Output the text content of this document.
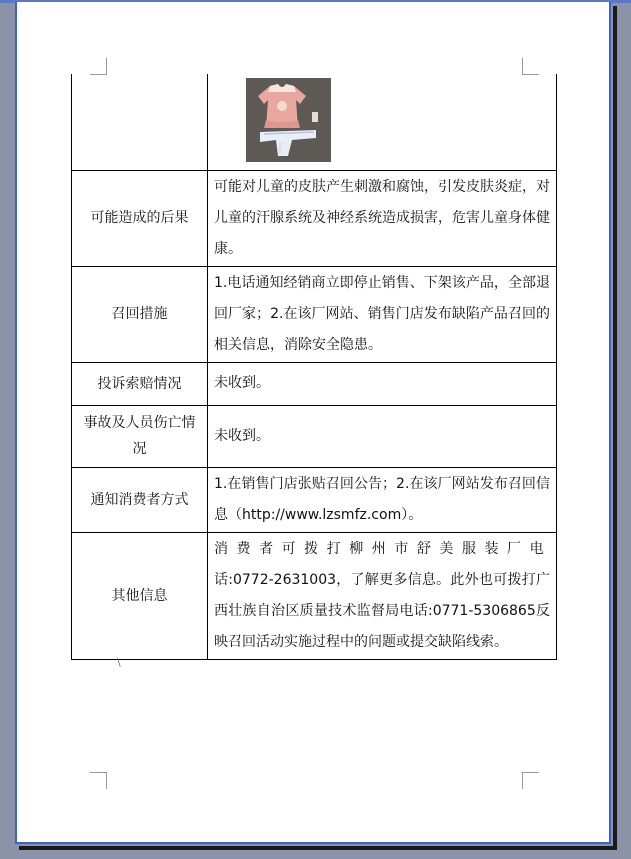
可能造成的后果	可能对儿童的皮肤产生刺激和腐蚀，引发皮肤炎症，对儿童的汗腺系统及神经系统造成损害，危害儿童身体健康。
召回措施	1.电话通知经销商立即停止销售、下架该产品，全部退回厂家；2.在该厂网站、销售门店发布缺陷产品召回的相关信息，消除安全隐患。
投诉索赔情况	未收到。
事故及人员伤亡情况	未收到。
通知消费者方式	1.在销售门店张贴召回公告；2.在该厂网站发布召回信息（http://www.lzsmfz.com）。
其他信息	消费者可拨打柳州市舒美服装厂电话:0772-2631003，了解更多信息。此外也可拨打广西壮族自治区质量技术监督局电话:0771-5306865反映召回活动实施过程中的问题或提交缺陷线索。
\
